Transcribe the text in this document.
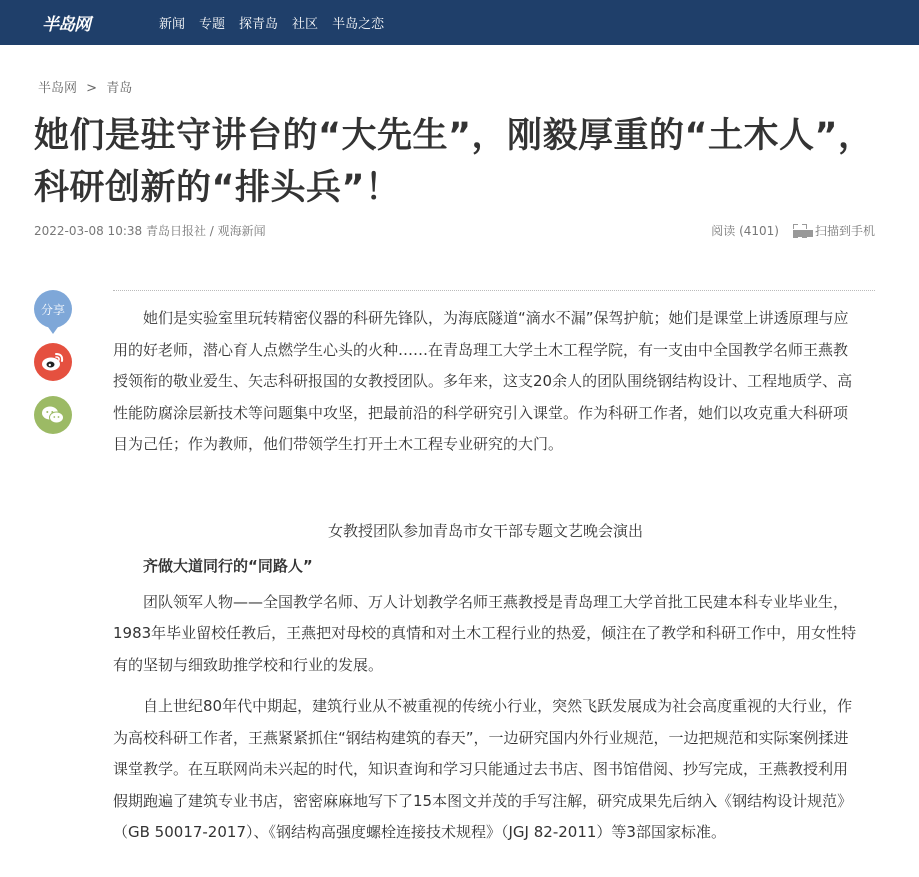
半岛网	新闻 专题 探青岛 社区 半岛之恋
半岛网 > 青岛
她们是驻守讲台的“大先生”，刚毅厚重的“土木人”，科研创新的“排头兵”！
2022-03-08 10:38 青岛日报社 / 观海新闻	阅读 (4101)	扫描到手机
分享	她们是实验室里玩转精密仪器的科研先锋队，为海底隧道“滴水不漏”保驾护航；她们是课堂上讲透原理与应用的好老师，潜心育人点燃学生心头的火种……在青岛理工大学土木工程学院，有一支由中全国教学名师王燕教授领衔的敬业爱生、矢志科研报国的女教授团队。多年来，这支20余人的团队围绕钢结构设计、工程地质学、高性能防腐涂层新技术等问题集中攻坚，把最前沿的科学研究引入课堂。作为科研工作者，她们以攻克重大科研项目为己任；作为教师，他们带领学生打开土木工程专业研究的大门。

女教授团队参加青岛市女干部专题文艺晚会演出

齐做大道同行的“同路人”

团队领军人物——全国教学名师、万人计划教学名师王燕教授是青岛理工大学首批工民建本科专业毕业生，1983年毕业留校任教后，王燕把对母校的真情和对土木工程行业的热爱，倾注在了教学和科研工作中，用女性特有的坚韧与细致助推学校和行业的发展。

自上世纪80年代中期起，建筑行业从不被重视的传统小行业，突然飞跃发展成为社会高度重视的大行业，作为高校科研工作者，王燕紧紧抓住“钢结构建筑的春天”，一边研究国内外行业规范，一边把规范和实际案例揉进课堂教学。在互联网尚未兴起的时代，知识查询和学习只能通过去书店、图书馆借阅、抄写完成，王燕教授利用假期跑遍了建筑专业书店，密密麻麻地写下了15本图文并茂的手写注解，研究成果先后纳入《钢结构设计规范》（GB 50017-2017）、《钢结构高强度螺栓连接技术规程》（JGJ 82-2011）等3部国家标准。
